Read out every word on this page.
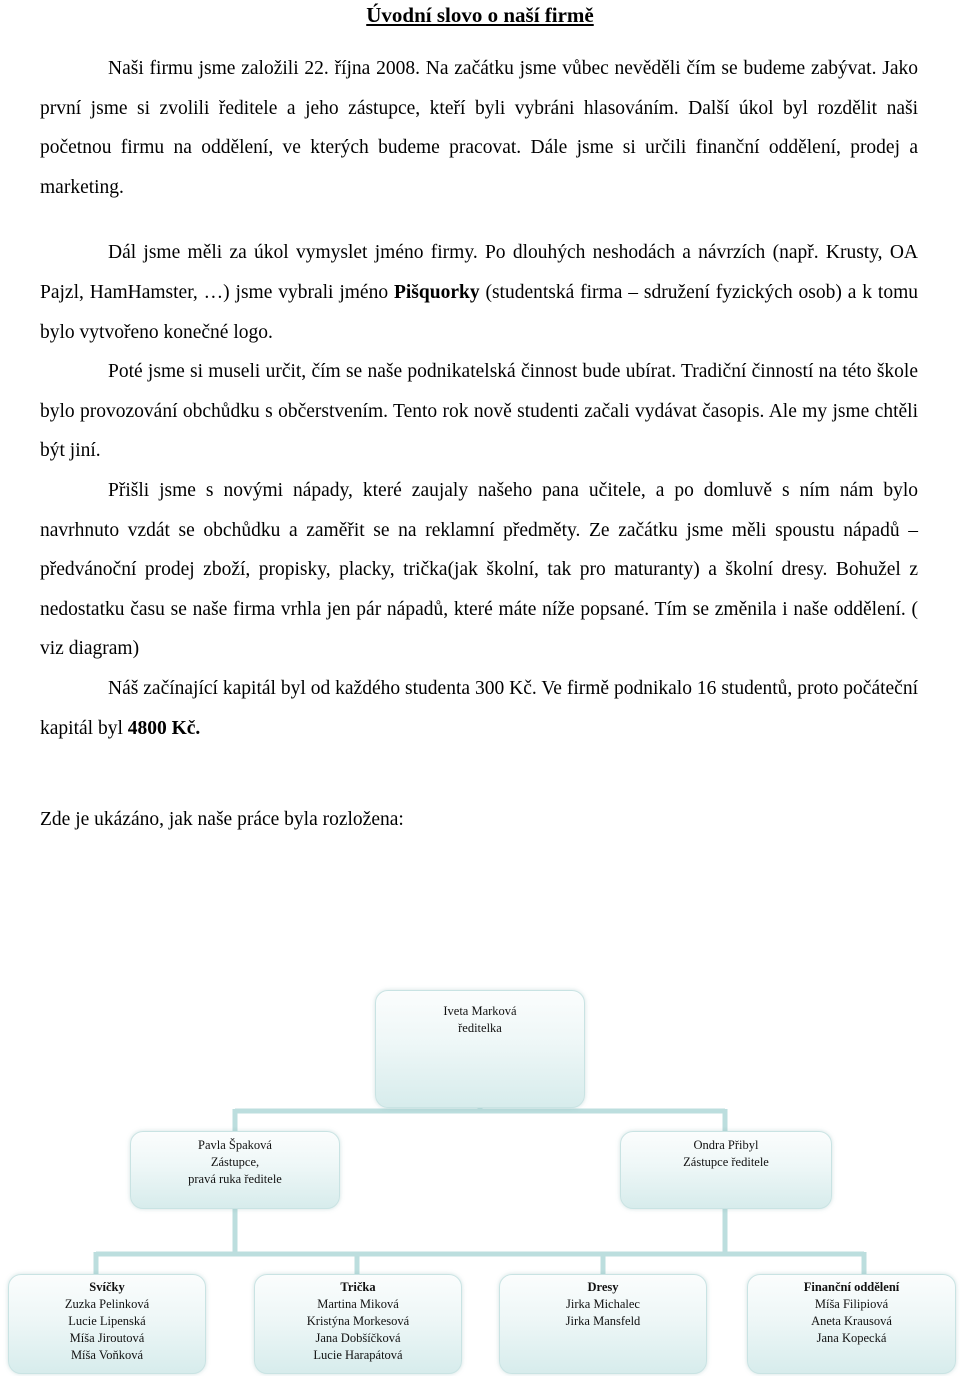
Úvodní slovo o naší firmě

Naši firmu jsme založili 22. října 2008. Na začátku jsme vůbec nevěděli čím se budeme zabývat. Jako první jsme si zvolili ředitele a jeho zástupce, kteří byli vybráni hlasováním. Další úkol byl rozdělit naši početnou firmu na oddělení, ve kterých budeme pracovat. Dále jsme si určili finanční oddělení, prodej a marketing.

Dál jsme měli za úkol vymyslet jméno firmy. Po dlouhých neshodách a návrzích (např. Krusty, OA Pajzl, HamHamster, …) jsme vybrali jméno Pišquorky (studentská firma – sdružení fyzických osob) a k tomu bylo vytvořeno konečné logo.

Poté jsme si museli určit, čím se naše podnikatelská činnost bude ubírat. Tradiční činností na této škole bylo provozování obchůdku s občerstvením. Tento rok nově studenti začali vydávat časopis. Ale my jsme chtěli být jiní.

Přišli jsme s novými nápady, které zaujaly našeho pana učitele, a po domluvě s ním nám bylo navrhnuto vzdát se obchůdku a zaměřit se na reklamní předměty. Ze začátku jsme měli spoustu nápadů – předvánoční prodej zboží, propisky, placky, trička(jak školní, tak pro maturanty) a školní dresy. Bohužel z nedostatku času se naše firma vrhla jen pár nápadů, které máte níže popsané. Tím se změnila i naše oddělení. ( viz diagram)

Náš začínající kapitál byl od každého studenta 300 Kč. Ve firmě podnikalo 16 studentů, proto počáteční kapitál byl 4800 Kč.

Zde je ukázáno, jak naše práce byla rozložena:
Iveta Marková
ředitelka
Pavla Špaková
Zástupce,
pravá ruka ředitele
Ondra Přibyl
Zástupce ředitele
Svíčky
Zuzka Pelinková
Lucie Lipenská
Míša Jiroutová
Míša Voňková
Trička
Martina Miková
Kristýna Morkesová
Jana Dobšíčková
Lucie Harapátová
Dresy
Jirka Michalec
Jirka Mansfeld
Finanční oddělení
Míša Filipiová
Aneta Krausová
Jana Kopecká
